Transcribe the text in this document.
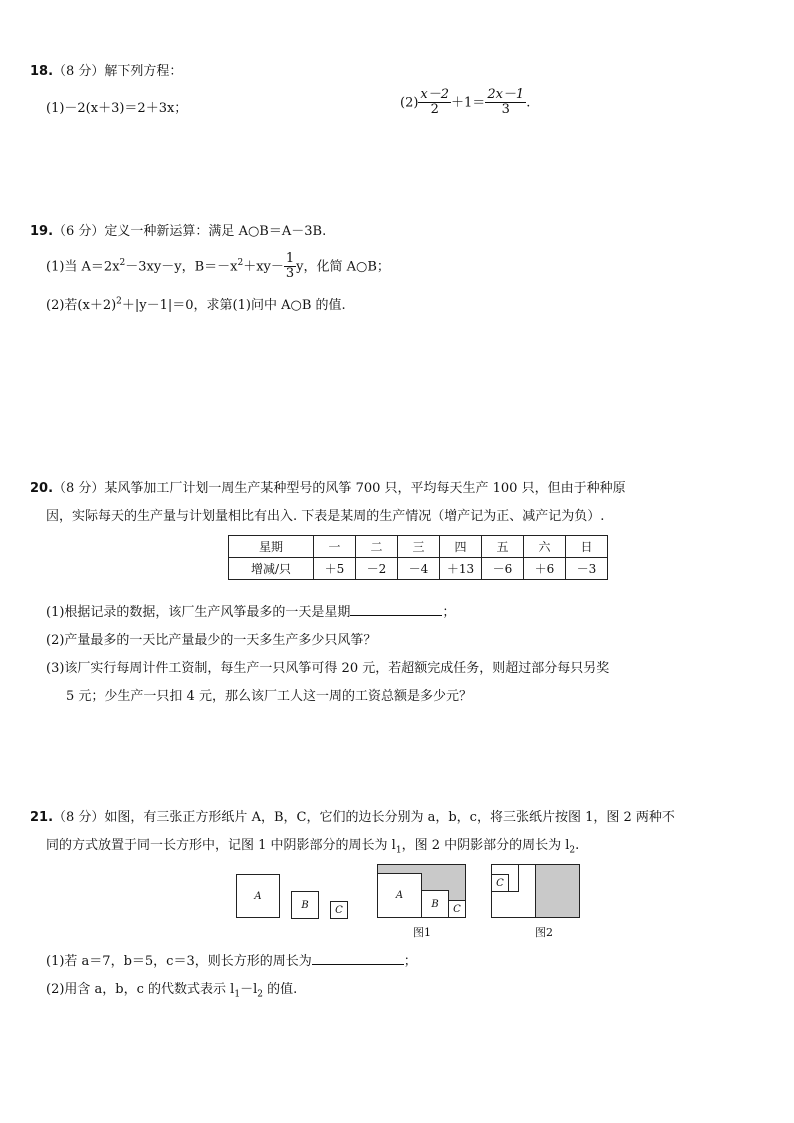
18.（8 分）解下列方程：
(1)－2(x＋3)＝2＋3x；	$(2) \frac{x-2}{2} +1= \frac{2x-1}{3}$ .
19.（6 分）定义一种新运算：满足 A○B＝A－3B.
(1)当 $A=2x^2-3xy-y$，$B=-x^2+xy- \frac{1}{3}$ y，化简 A○B；
(2)若$(x+2)^2+|y-1|=0$，求第(1)问中 A○B 的值.
20.（8 分）某风筝加工厂计划一周生产某种型号的风筝 700 只，平均每天生产 100 只，但由于种种原
因，实际每天的生产量与计划量相比有出入. 下表是某周的生产情况（增产记为正、减产记为负）.
星期	一	二	三	四	五	六	日
增减/只	＋5	－2	－4	＋13	－6	＋6	－3
(1)根据记录的数据，该厂生产风筝最多的一天是星期	；
(2)产量最多的一天比产量最少的一天多生产多少只风筝？
(3)该厂实行每周计件工资制，每生产一只风筝可得 20 元，若超额完成任务，则超过部分每只另奖
5 元；少生产一只扣 4 元，那么该厂工人这一周的工资总额是多少元？
21.（8 分）如图，有三张正方形纸片 A，B，C，它们的边长分别为 a，b，c，将三张纸片按图 1，图 2 两种不
同的方式放置于同一长方形中，记图 1 中阴影部分的周长为 $l_1$，图 2 中阴影部分的周长为 $l_2$.
A
B	C
A
B C
图1
C
图2
(1)若 a＝7，b＝5，c＝3，则长方形的周长为	；
(2)用含 a，b，c 的代数式表示 $l_1-l_2$ 的值.
